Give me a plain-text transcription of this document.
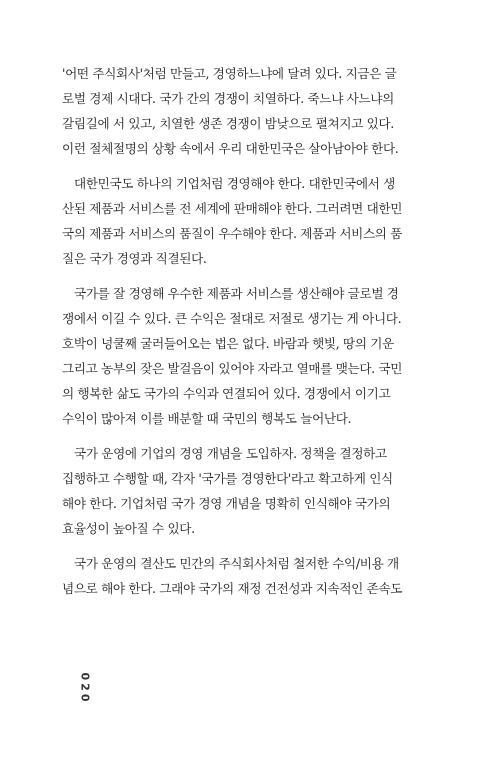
'어떤 주식회사'처럼 만들고, 경영하느냐에 달려 있다. 지금은 글
로벌 경제 시대다. 국가 간의 경쟁이 치열하다. 죽느냐 사느냐의
갈림길에 서 있고, 치열한 생존 경쟁이 밤낮으로 펼쳐지고 있다.
이런 절체절명의 상황 속에서 우리 대한민국은 살아남아야 한다.
대한민국도 하나의 기업처럼 경영해야 한다. 대한민국에서 생
산된 제품과 서비스를 전 세계에 판매해야 한다. 그러려면 대한민
국의 제품과 서비스의 품질이 우수해야 한다. 제품과 서비스의 품
질은 국가 경영과 직결된다.
국가를 잘 경영해 우수한 제품과 서비스를 생산해야 글로벌 경
쟁에서 이길 수 있다. 큰 수익은 절대로 저절로 생기는 게 아니다.
호박이 넝쿨째 굴러들어오는 법은 없다. 바람과 햇빛, 땅의 기운
그리고 농부의 잦은 발걸음이 있어야 자라고 열매를 맺는다. 국민
의 행복한 삶도 국가의 수익과 연결되어 있다. 경쟁에서 이기고
수익이 많아져 이를 배분할 때 국민의 행복도 늘어난다.
국가 운영에 기업의 경영 개념을 도입하자. 정책을 결정하고
집행하고 수행할 때, 각자 '국가를 경영한다'라고 확고하게 인식
해야 한다. 기업처럼 국가 경영 개념을 명확히 인식해야 국가의
효율성이 높아질 수 있다.
국가 운영의 결산도 민간의 주식회사처럼 철저한 수익/비용 개
념으로 해야 한다. 그래야 국가의 재정 건전성과 지속적인 존속도
020
